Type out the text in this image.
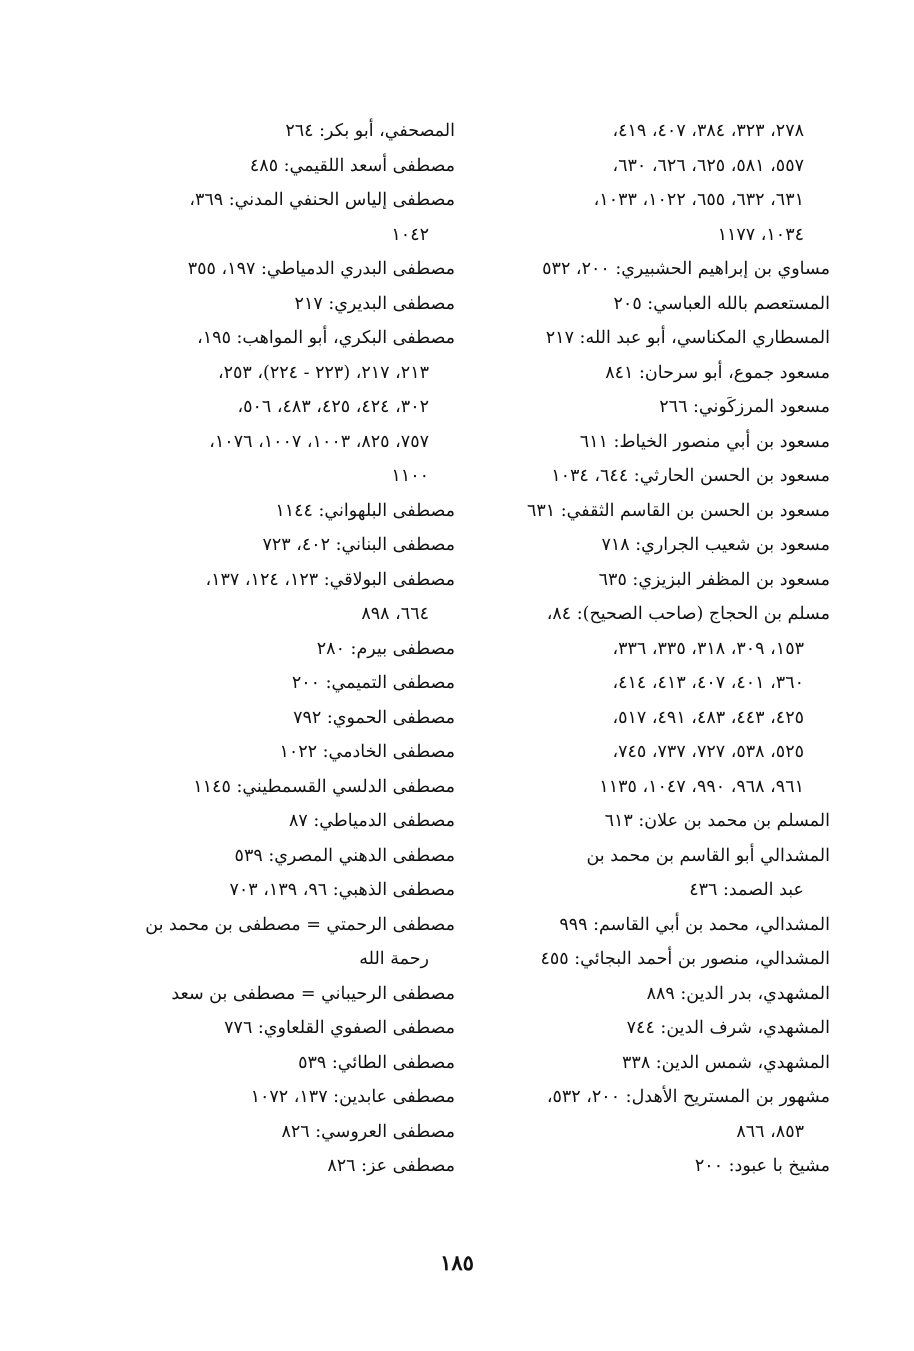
٢٧٨، ٣٢٣، ٣٨٤، ٤٠٧، ٤١٩،
٥٥٧، ٥٨١، ٦٢٥، ٦٢٦، ٦٣٠،
٦٣١، ٦٣٢، ٦٥٥، ١٠٢٢، ١٠٣٣،
١٠٣٤، ١١٧٧
مساوي بن إبراهيم الحشبيري: ٢٠٠، ٥٣٢
المستعصم بالله العباسي: ٢٠٥
المسطاري المكناسي، أبو عبد الله: ٢١٧
مسعود جموع، أبو سرحان: ٨٤١
مسعود المرزكَوني: ٢٦٦
مسعود بن أبي منصور الخياط: ٦١١
مسعود بن الحسن الحارثي: ٦٤٤، ١٠٣٤
مسعود بن الحسن بن القاسم الثقفي: ٦٣١
مسعود بن شعيب الجراري: ٧١٨
مسعود بن المظفر البزيزي: ٦٣٥
مسلم بن الحجاج (صاحب الصحيح): ٨٤،
١٥٣، ٣٠٩، ٣١٨، ٣٣٥، ٣٣٦،
٣٦٠، ٤٠١، ٤٠٧، ٤١٣، ٤١٤،
٤٢٥، ٤٤٣، ٤٨٣، ٤٩١، ٥١٧،
٥٢٥، ٥٣٨، ٧٢٧، ٧٣٧، ٧٤٥،
٩٦١، ٩٦٨، ٩٩٠، ١٠٤٧، ١١٣٥
المسلم بن محمد بن علان: ٦١٣
المشدالي أبو القاسم بن محمد بن
عبد الصمد: ٤٣٦
المشدالي، محمد بن أبي القاسم: ٩٩٩
المشدالي، منصور بن أحمد البجائي: ٤٥٥
المشهدي، بدر الدين: ٨٨٩
المشهدي، شرف الدين: ٧٤٤
المشهدي، شمس الدين: ٣٣٨
مشهور بن المستريح الأهدل: ٢٠٠، ٥٣٢،
٨٥٣، ٨٦٦
مشيخ با عبود: ٢٠٠
المصحفي، أبو بكر: ٢٦٤
مصطفى أسعد اللقيمي: ٤٨٥
مصطفى إلياس الحنفي المدني: ٣٦٩،
١٠٤٢
مصطفى البدري الدمياطي: ١٩٧، ٣٥٥
مصطفى البديري: ٢١٧
مصطفى البكري، أبو المواهب: ١٩٥،
٢١٣، ٢١٧، (٢٢٣ - ٢٢٤)، ٢٥٣،
٣٠٢، ٤٢٤، ٤٢٥، ٤٨٣، ٥٠٦،
٧٥٧، ٨٢٥، ١٠٠٣، ١٠٠٧، ١٠٧٦،
١١٠٠
مصطفى البلهواني: ١١٤٤
مصطفى البناني: ٤٠٢، ٧٢٣
مصطفى البولاقي: ١٢٣، ١٢٤، ١٣٧،
٦٦٤، ٨٩٨
مصطفى بيرم: ٢٨٠
مصطفى التميمي: ٢٠٠
مصطفى الحموي: ٧٩٢
مصطفى الخادمي: ١٠٢٢
مصطفى الدلسي القسمطيني: ١١٤٥
مصطفى الدمياطي: ٨٧
مصطفى الدهني المصري: ٥٣٩
مصطفى الذهبي: ٩٦، ١٣٩، ٧٠٣
مصطفى الرحمتي = مصطفى بن محمد بن
رحمة الله
مصطفى الرحيباني = مصطفى بن سعد
مصطفى الصفوي القلعاوي: ٧٧٦
مصطفى الطائي: ٥٣٩
مصطفى عابدين: ١٣٧، ١٠٧٢
مصطفى العروسي: ٨٢٦
مصطفى عز: ٨٢٦
١٨٥
